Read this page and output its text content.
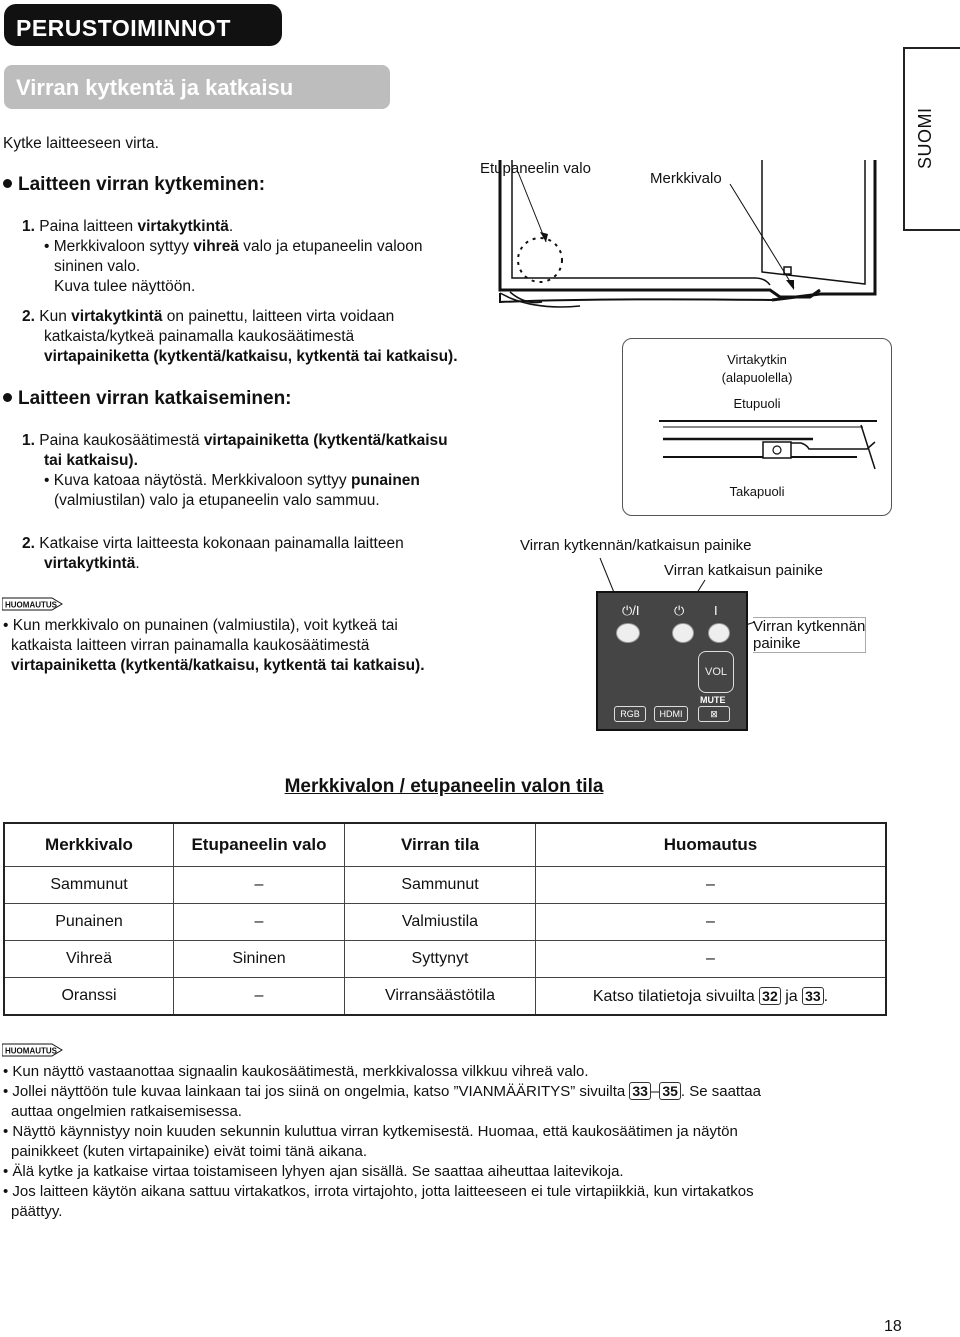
PERUSTOIMINNOT
Virran kytkentä ja katkaisu
SUOMI
Kytke laitteeseen virta.
Laitteen virran kytkeminen:
1. Paina laitteen virtakytkintä.
• Merkkivaloon syttyy vihreä valo ja etupaneelin valoon
sininen valo.
Kuva tulee näyttöön.
2. Kun virtakytkintä on painettu, laitteen virta voidaan
katkaista/kytkeä painamalla kaukosäätimestä
virtapainiketta (kytkentä/katkaisu, kytkentä tai katkaisu).
Laitteen virran katkaiseminen:
1. Paina kaukosäätimestä virtapainiketta (kytkentä/katkaisu
tai katkaisu).
• Kuva katoaa näytöstä. Merkkivaloon syttyy punainen
(valmiustilan) valo ja etupaneelin valo sammuu.
2. Katkaise virta laitteesta kokonaan painamalla laitteen
virtakytkintä.
HUOMAUTUS
• Kun merkkivalo on punainen (valmiustila), voit kytkeä tai
katkaista laitteen virran painamalla kaukosäätimestä
virtapainiketta (kytkentä/katkaisu, kytkentä tai katkaisu).
Etupaneelin valo
Merkkivalo
Virtakytkin
(alapuolella)
Etupuoli
Takapuoli
Virran kytkennän/katkaisun painike
Virran katkaisun painike
Virran kytkennän
painike
⏻/I	⏻ I
VOL
MUTE
RGB	HDMI	⊠
Merkkivalon / etupaneelin valon tila
Merkkivalo	Etupaneelin valo	Virran tila	Huomautus
Sammunut	–	Sammunut	–
Punainen	–	Valmiustila	–
Vihreä	Sininen	Syttynyt	–
Oranssi	–	Virransäästötila	Katso tilatietoja sivuilta 32 ja 33 .
HUOMAUTUS
• Kun näyttö vastaanottaa signaalin kaukosäätimestä, merkkivalossa vilkkuu vihreä valo.
• Jollei näyttöön tule kuvaa lainkaan tai jos siinä on ongelmia, katso ”VIANMÄÄRITYS” sivuilta 33 – 35 . Se saattaa
auttaa ongelmien ratkaisemisessa.
• Näyttö käynnistyy noin kuuden sekunnin kuluttua virran kytkemisestä. Huomaa, että kaukosäätimen ja näytön
painikkeet (kuten virtapainike) eivät toimi tänä aikana.
• Älä kytke ja katkaise virtaa toistamiseen lyhyen ajan sisällä. Se saattaa aiheuttaa laitevikoja.
• Jos laitteen käytön aikana sattuu virtakatkos, irrota virtajohto, jotta laitteeseen ei tule virtapiikkiä, kun virtakatkos
päättyy.
18
